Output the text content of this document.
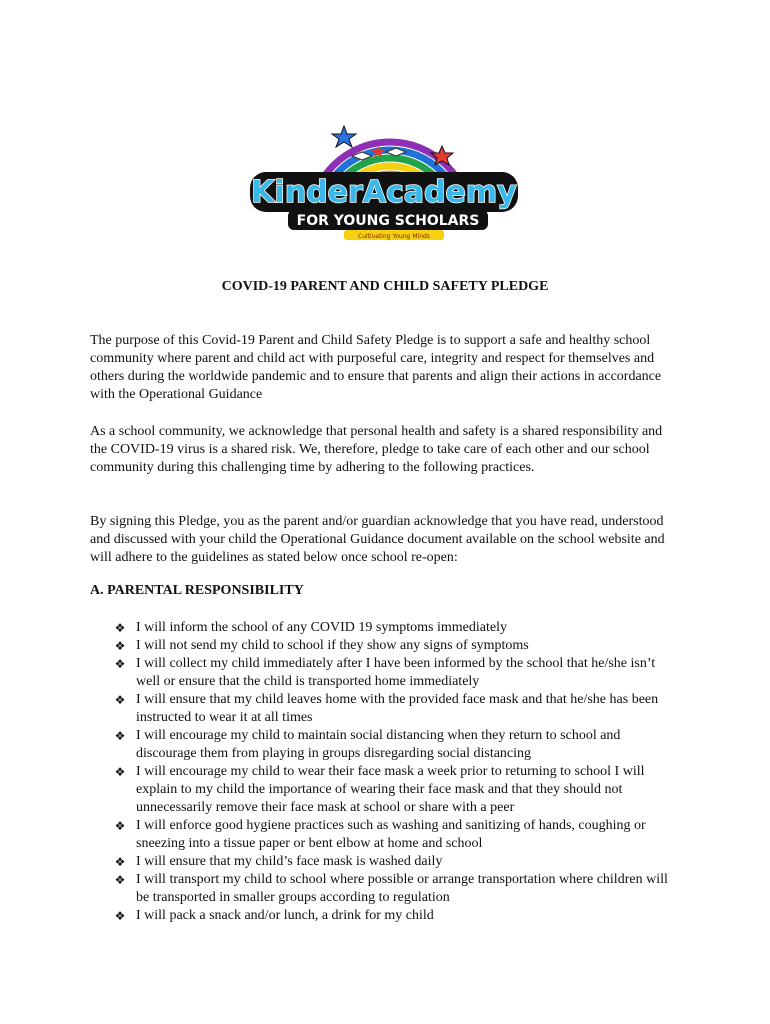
KinderAcademy
FOR YOUNG SCHOLARS
Cultivating Young Minds
COVID-19 PARENT AND CHILD SAFETY PLEDGE

The purpose of this Covid-19 Parent and Child Safety Pledge is to support a safe and healthy school community where parent and child act with purposeful care, integrity and respect for themselves and others during the worldwide pandemic and to ensure that parents and align their actions in accordance with the Operational Guidance

As a school community, we acknowledge that personal health and safety is a shared responsibility and the COVID-19 virus is a shared risk. We, therefore, pledge to take care of each other and our school community during this challenging time by adhering to the following practices.

By signing this Pledge, you as the parent and/or guardian acknowledge that you have read, understood and discussed with your child the Operational Guidance document available on the school website and will adhere to the guidelines as stated below once school re-open:

A. PARENTAL RESPONSIBILITY
❖ I will inform the school of any COVID 19 symptoms immediately
❖ I will not send my child to school if they show any signs of symptoms
❖ I will collect my child immediately after I have been informed by the school that he/she isn’t well or ensure that the child is transported home immediately
❖ I will ensure that my child leaves home with the provided face mask and that he/she has been instructed to wear it at all times
❖ I will encourage my child to maintain social distancing when they return to school and discourage them from playing in groups disregarding social distancing
❖ I will encourage my child to wear their face mask a week prior to returning to school I will explain to my child the importance of wearing their face mask and that they should not unnecessarily remove their face mask at school or share with a peer
❖ I will enforce good hygiene practices such as washing and sanitizing of hands, coughing or sneezing into a tissue paper or bent elbow at home and school
❖ I will ensure that my child’s face mask is washed daily
❖ I will transport my child to school where possible or arrange transportation where children will be transported in smaller groups according to regulation
❖ I will pack a snack and/or lunch, a drink for my child
